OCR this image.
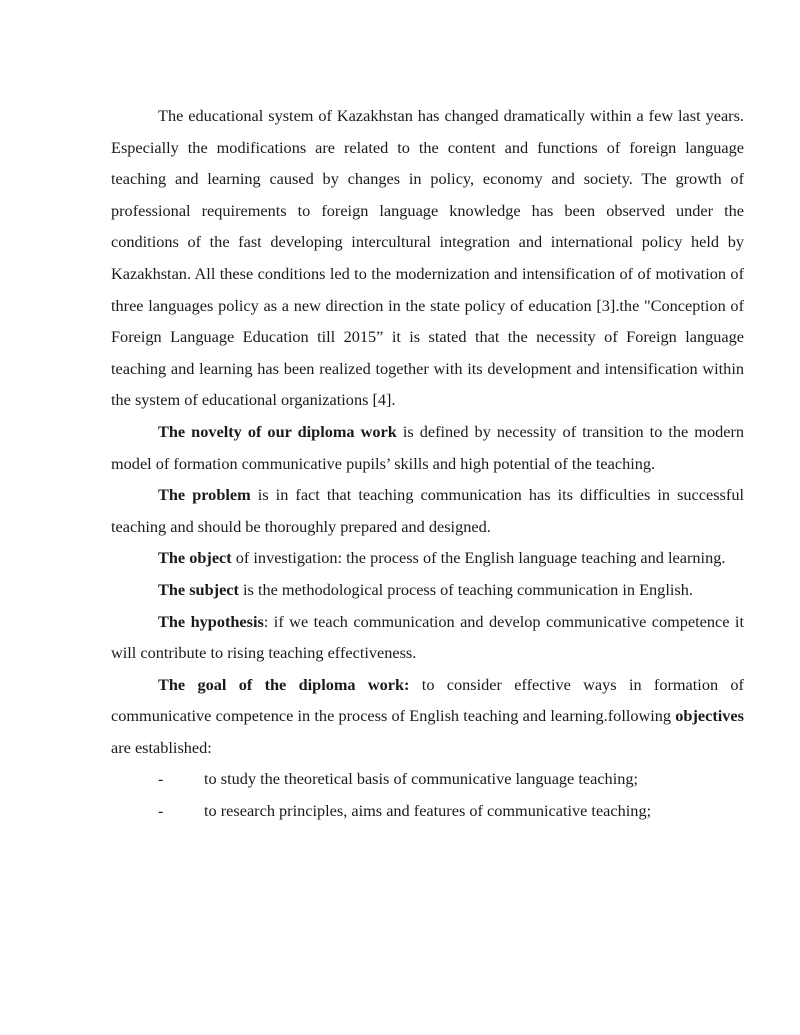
The educational system of Kazakhstan has changed dramatically within a few last years. Especially the modifications are related to the content and functions of foreign language teaching and learning caused by changes in policy, economy and society. The growth of professional requirements to foreign language knowledge has been observed under the conditions of the fast developing intercultural integration and international policy held by Kazakhstan. All these conditions led to the modernization and intensification of of motivation of three languages policy as a new direction in the state policy of education [3].the "Conception of Foreign Language Education till 2015” it is stated that the necessity of Foreign language teaching and learning has been realized together with its development and intensification within the system of educational organizations [4].

The novelty of our diploma work is defined by necessity of transition to the modern model of formation communicative pupils’ skills and high potential of the teaching.

The problem is in fact that teaching communication has its difficulties in successful teaching and should be thoroughly prepared and designed.

The object of investigation: the process of the English language teaching and learning.

The subject is the methodological process of teaching communication in English.

The hypothesis: if we teach communication and develop communicative competence it will contribute to rising teaching effectiveness.

The goal of the diploma work: to consider effective ways in formation of communicative competence in the process of English teaching and learning.following objectives are established:

- to study the theoretical basis of communicative language teaching;
- to research principles, aims and features of communicative teaching;
